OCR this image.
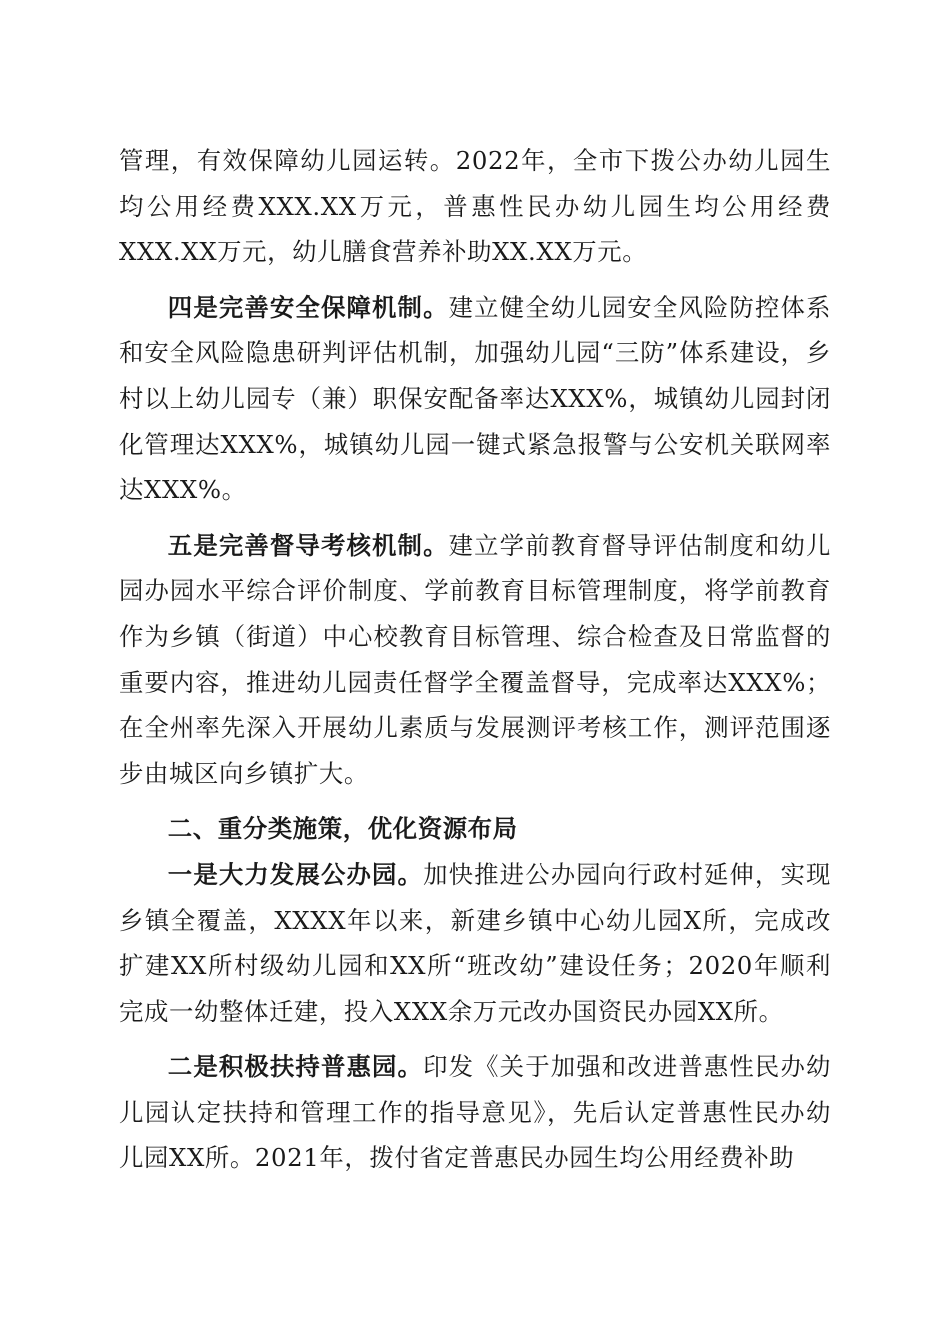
管理，有效保障幼儿园运转。2022年，全市下拨公办幼儿园生均公用经费XXX.XX万元，普惠性民办幼儿园生均公用经费XXX.XX万元，幼儿膳食营养补助XX.XX万元。

四是完善安全保障机制。建立健全幼儿园安全风险防控体系和安全风险隐患研判评估机制，加强幼儿园“三防”体系建设，乡村以上幼儿园专（兼）职保安配备率达XXX%，城镇幼儿园封闭化管理达XXX%，城镇幼儿园一键式紧急报警与公安机关联网率达XXX%。

五是完善督导考核机制。建立学前教育督导评估制度和幼儿园办园水平综合评价制度、学前教育目标管理制度，将学前教育作为乡镇（街道）中心校教育目标管理、综合检查及日常监督的重要内容，推进幼儿园责任督学全覆盖督导，完成率达XXX%；在全州率先深入开展幼儿素质与发展测评考核工作，测评范围逐步由城区向乡镇扩大。

二、重分类施策，优化资源布局

一是大力发展公办园。加快推进公办园向行政村延伸，实现乡镇全覆盖，XXXX年以来，新建乡镇中心幼儿园X所，完成改扩建XX所村级幼儿园和XX所“班改幼”建设任务；2020年顺利完成一幼整体迁建，投入XXX余万元改办国资民办园XX所。

二是积极扶持普惠园。印发《关于加强和改进普惠性民办幼儿园认定扶持和管理工作的指导意见》，先后认定普惠性民办幼儿园XX所。2021年，拨付省定普惠民办园生均公用经费补助
